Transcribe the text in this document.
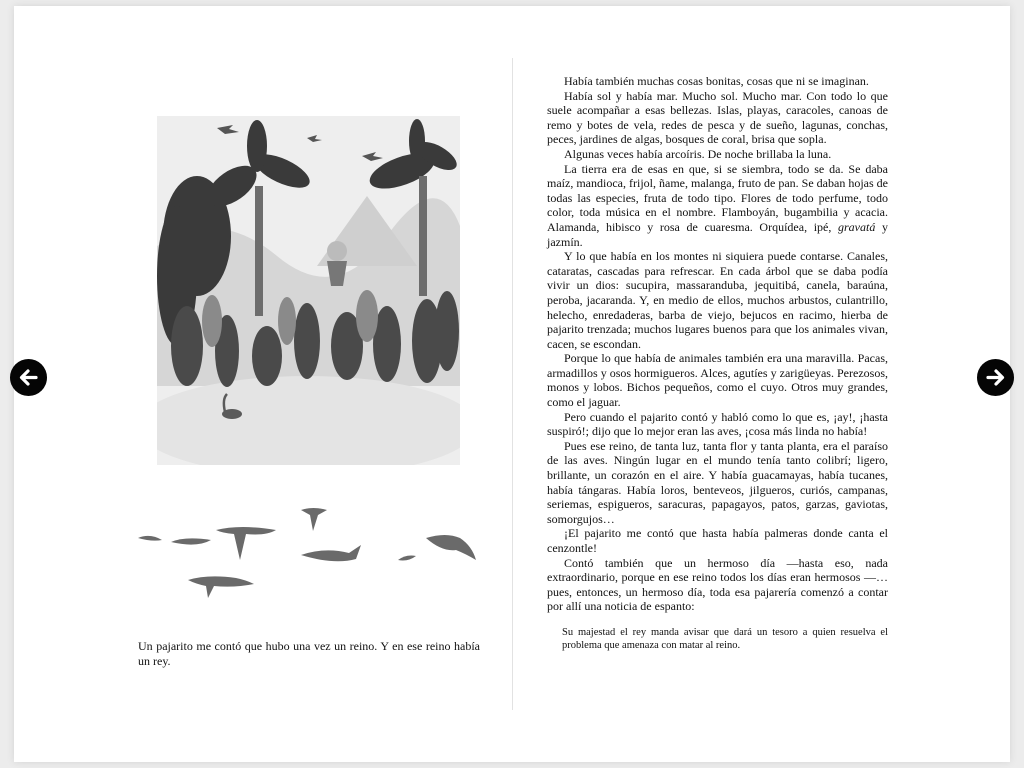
Un pajarito me contó que hubo una vez un reino. Y en ese reino había un rey.

Había también muchas cosas bonitas, cosas que ni se imaginan.

Había sol y había mar. Mucho sol. Mucho mar. Con todo lo que suele acompañar a esas bellezas. Islas, playas, caracoles, canoas de remo y botes de vela, redes de pesca y de sueño, lagunas, conchas, peces, jardines de algas, bosques de coral, brisa que sopla.

Algunas veces había arcoíris. De noche brillaba la luna.

La tierra era de esas en que, si se siembra, todo se da. Se daba maíz, mandioca, frijol, ñame, malanga, fruto de pan. Se daban hojas de todas las especies, fruta de todo tipo. Flores de todo perfume, todo color, toda música en el nombre. Flamboyán, bugambilia y acacia. Alamanda, hibisco y rosa de cuaresma. Orquídea, ipé, gravatá y jazmín.

Y lo que había en los montes ni siquiera puede contarse. Canales, cataratas, cascadas para refrescar. En cada árbol que se daba podía vivir un dios: sucupira, massaranduba, jequitibá, canela, baraúna, peroba, jacaranda. Y, en medio de ellos, muchos arbustos, culantrillo, helecho, enredaderas, barba de viejo, bejucos en racimo, hierba de pajarito trenzada; muchos lugares buenos para que los animales vivan, cacen, se escondan.

Porque lo que había de animales también era una maravilla. Pacas, armadillos y osos hormigueros. Alces, agutíes y zarigüeyas. Perezosos, monos y lobos. Bichos pequeños, como el cuyo. Otros muy grandes, como el jaguar.

Pero cuando el pajarito contó y habló como lo que es, ¡ay!, ¡hasta suspiró!; dijo que lo mejor eran las aves, ¡cosa más linda no había!

Pues ese reino, de tanta luz, tanta flor y tanta planta, era el paraíso de las aves. Ningún lugar en el mundo tenía tanto colibrí; ligero, brillante, un corazón en el aire. Y había guacamayas, había tucanes, había tángaras. Había loros, benteveos, jilgueros, curiós, campanas, seriemas, espigueros, saracuras, papagayos, patos, garzas, gaviotas, somorgujos…

¡El pajarito me contó que hasta había palmeras donde canta el cenzontle!

Contó también que un hermoso día —hasta eso, nada extraordinario, porque en ese reino todos los días eran hermosos —… pues, entonces, un hermoso día, toda esa pajarería comenzó a contar por allí una noticia de espanto:

Su majestad el rey manda avisar que dará un tesoro a quien resuelva el problema que amenaza con matar al reino.
